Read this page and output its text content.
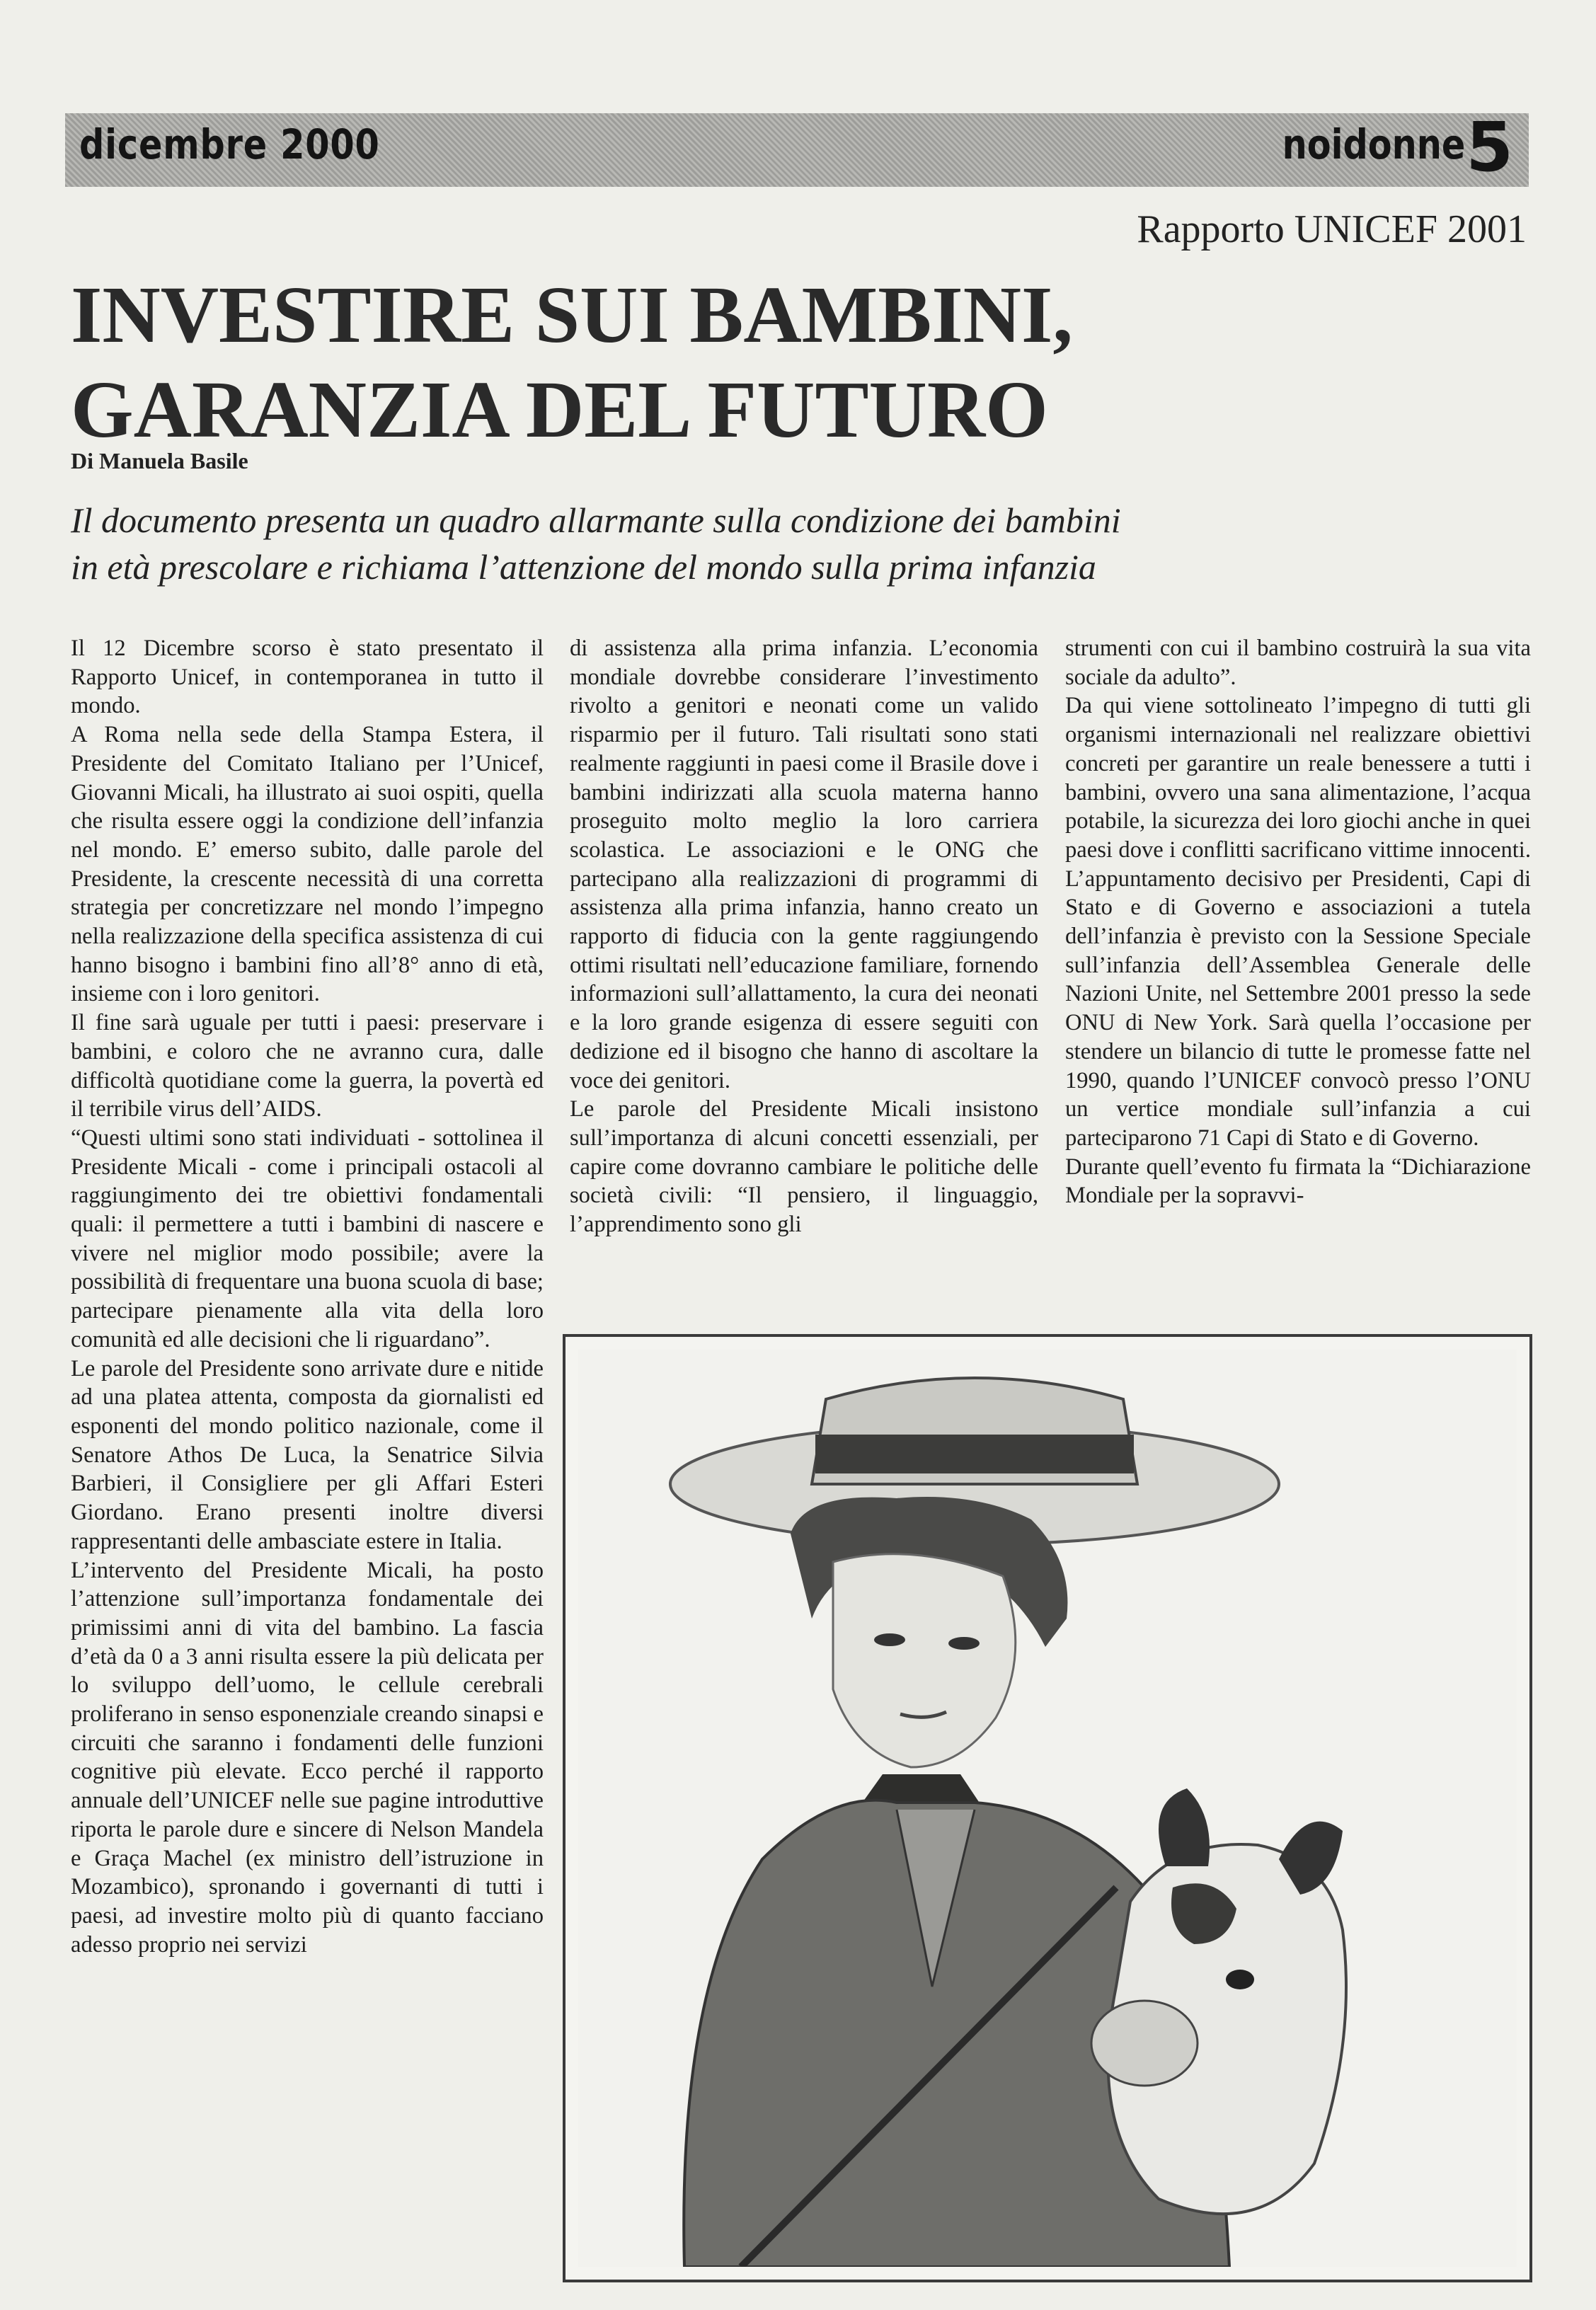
dicembre 2000	noidonne 5
Rapporto UNICEF 2001
INVESTIRE SUI BAMBINI,
GARANZIA DEL FUTURO
Di Manuela Basile
Il documento presenta un quadro allarmante sulla condizione dei bambini
in età prescolare e richiama l’attenzione del mondo sulla prima infanzia

Il 12 Dicembre scorso è stato presentato il Rapporto Unicef, in contemporanea in tutto il mondo.

A Roma nella sede della Stampa Estera, il Presidente del Comitato Italiano per l’Unicef, Giovanni Micali, ha illustrato ai suoi ospiti, quella che risulta essere oggi la condizione dell’infanzia nel mondo. E’ emerso subito, dalle parole del Presidente, la crescente necessità di una corretta strategia per concretizzare nel mondo l’impegno nella realizzazione della specifica assistenza di cui hanno bisogno i bambini fino all’8° anno di età, insieme con i loro genitori.

Il fine sarà uguale per tutti i paesi: preservare i bambini, e coloro che ne avranno cura, dalle difficoltà quotidiane come la guerra, la povertà ed il terribile virus dell’AIDS.

“Questi ultimi sono stati individuati - sottolinea il Presidente Micali - come i principali ostacoli al raggiungimento dei tre obiettivi fondamentali quali: il permettere a tutti i bambini di nascere e vivere nel miglior modo possibile; avere la possibilità di frequentare una buona scuola di base; partecipare pienamente alla vita della loro comunità ed alle decisioni che li riguardano”.

Le parole del Presidente sono arrivate dure e nitide ad una platea attenta, composta da giornalisti ed esponenti del mondo politico nazionale, come il Senatore Athos De Luca, la Senatrice Silvia Barbieri, il Consigliere per gli Affari Esteri Giordano. Erano presenti inoltre diversi rappresentanti delle ambasciate estere in Italia.

L’intervento del Presidente Micali, ha posto l’attenzione sull’importanza fondamentale dei primissimi anni di vita del bambino. La fascia d’età da 0 a 3 anni risulta essere la più delicata per lo sviluppo dell’uomo, le cellule cerebrali proliferano in senso esponenziale creando sinapsi e circuiti che saranno i fondamenti delle funzioni cognitive più elevate. Ecco perché il rapporto annuale dell’UNICEF nelle sue pagine introduttive riporta le parole dure e sincere di Nelson Mandela e Graça Machel (ex ministro dell’istruzione in Mozambico), spronando i governanti di tutti i paesi, ad investire molto più di quanto facciano adesso proprio nei servizi

di assistenza alla prima infanzia. L’economia mondiale dovrebbe considerare l’investimento rivolto a genitori e neonati come un valido risparmio per il futuro. Tali risultati sono stati realmente raggiunti in paesi come il Brasile dove i bambini indirizzati alla scuola materna hanno proseguito molto meglio la loro carriera scolastica. Le associazioni e le ONG che partecipano alla realizzazioni di programmi di assistenza alla prima infanzia, hanno creato un rapporto di fiducia con la gente raggiungendo ottimi risultati nell’educazione familiare, fornendo informazioni sull’allattamento, la cura dei neonati e la loro grande esigenza di essere seguiti con dedizione ed il bisogno che hanno di ascoltare la voce dei genitori.

Le parole del Presidente Micali insistono sull’importanza di alcuni concetti essenziali, per capire come dovranno cambiare le politiche delle società civili: “Il pensiero, il linguaggio, l’apprendimento sono gli

strumenti con cui il bambino costruirà la sua vita sociale da adulto”.

Da qui viene sottolineato l’impegno di tutti gli organismi internazionali nel realizzare obiettivi concreti per garantire un reale benessere a tutti i bambini, ovvero una sana alimentazione, l’acqua potabile, la sicurezza dei loro giochi anche in quei paesi dove i conflitti sacrificano vittime innocenti. L’appuntamento decisivo per Presidenti, Capi di Stato e di Governo e associazioni a tutela dell’infanzia è previsto con la Sessione Speciale sull’infanzia dell’Assemblea Generale delle Nazioni Unite, nel Settembre 2001 presso la sede ONU di New York. Sarà quella l’occasione per stendere un bilancio di tutte le promesse fatte nel 1990, quando l’UNICEF convocò presso l’ONU un vertice mondiale sull’infanzia a cui parteciparono 71 Capi di Stato e di Governo.

Durante quell’evento fu firmata la “Dichiarazione Mondiale per la sopravvi-
